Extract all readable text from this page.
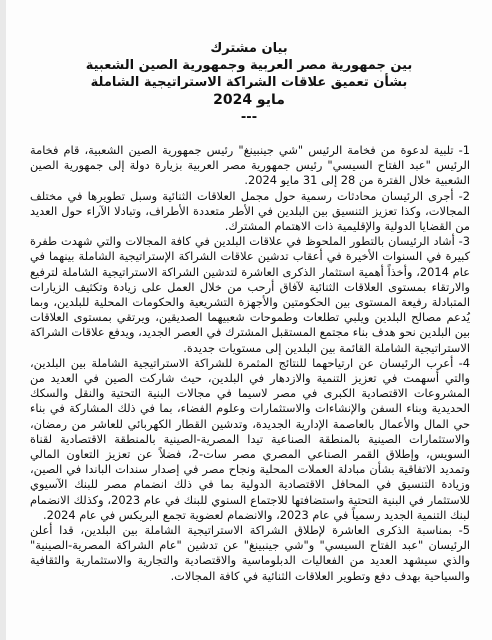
بيان مشترك
بين جمهورية مصر العربية وجمهورية الصين الشعبية
بشأن تعميق علاقات الشراكة الاستراتيجية الشاملة
مايو 2024
---

1- تلبية لدعوة من فخامة الرئيس "شي جينبينغ" رئيس جمهورية الصين الشعبية، قام فخامة الرئيس "عبد الفتاح السيسي" رئيس جمهورية مصر العربية بزيارة دولة إلى جمهورية الصين الشعبية خلال الفترة من 28 إلى 31 مايو 2024.

2- أجرى الرئيسان محادثات رسمية حول مجمل العلاقات الثنائية وسبل تطويرها في مختلف المجالات، وكذا تعزيز التنسيق بين البلدين في الأطر متعددة الأطراف، وتبادلا الآراء حول العديد من القضايا الدولية والإقليمية ذات الاهتمام المشترك.

3- أشاد الرئيسان بالتطور الملحوظ في علاقات البلدين في كافة المجالات والتي شهدت طفرة كبيرة في السنوات الأخيرة في أعقاب تدشين علاقات الشراكة الإستراتيجية الشاملة بينهما في عام 2014، وأخذاً أهمية استثمار الذكرى العاشرة لتدشين الشراكة الاستراتيجية الشاملة لترفيع والارتقاء بمستوى العلاقات الثنائية لآفاق أرحب من خلال العمل على زيادة وتكثيف الزيارات المتبادلة رفيعة المستوى بين الحكومتين والأجهزة التشريعية والحكومات المحلية للبلدين، وبما يُدعم مصالح البلدين ويلبي تطلعات وطموحات شعبيهما الصديقين، ويرتقي بمستوى العلاقات بين البلدين نحو هدف بناء مجتمع المستقبل المشترك في العصر الجديد، ويدفع علاقات الشراكة الاستراتيجية الشاملة القائمة بين البلدين إلى مستويات جديدة.

4- أعرب الرئيسان عن ارتياحهما للنتائج المثمرة للشراكة الاستراتيجية الشاملة بين البلدين، والتي أسهمت في تعزيز التنمية والازدهار في البلدين، حيث شاركت الصين في العديد من المشروعات الاقتصادية الكبرى في مصر لاسيما في مجالات البنية التحتية والنقل والسكك الحديدية وبناء السفن والإنشاءات والاستثمارات وعلوم الفضاء، بما في ذلك المشاركة في بناء حي المال والأعمال بالعاصمة الإدارية الجديدة، وتدشين القطار الكهربائي للعاشر من رمضان، والاستثمارات الصينية بالمنطقة الصناعية تيدا المصرية-الصينية بالمنطقة الاقتصادية لقناة السويس، وإطلاق القمر الصناعي المصري مصر سات-2، فضلاً عن تعزيز التعاون المالي وتمديد الاتفاقية بشأن مبادلة العملات المحلية ونجاح مصر في إصدار سندات الباندا في الصين، وزيادة التنسيق في المحافل الاقتصادية الدولية بما في ذلك انضمام مصر للبنك الآسيوي للاستثمار في البنية التحتية واستضافتها للاجتماع السنوي للبنك في عام 2023، وكذلك الانضمام لبنك التنمية الجديد رسمياً في عام 2023، والانضمام لعضوية تجمع البريكس في عام 2024.

5- بمناسبة الذكرى العاشرة لإطلاق الشراكة الاستراتيجية الشاملة بين البلدين، قدا أعلن الرئيسان "عبد الفتاح السيسي" و"شي جينبينغ" عن تدشين "عام الشراكة المصرية-الصينية" والذي سيشهد العديد من الفعاليات الدبلوماسية والاقتصادية والتجارية والاستثمارية والثقافية والسياحية بهدف دفع وتطوير العلاقات الثنائية في كافة المجالات.
